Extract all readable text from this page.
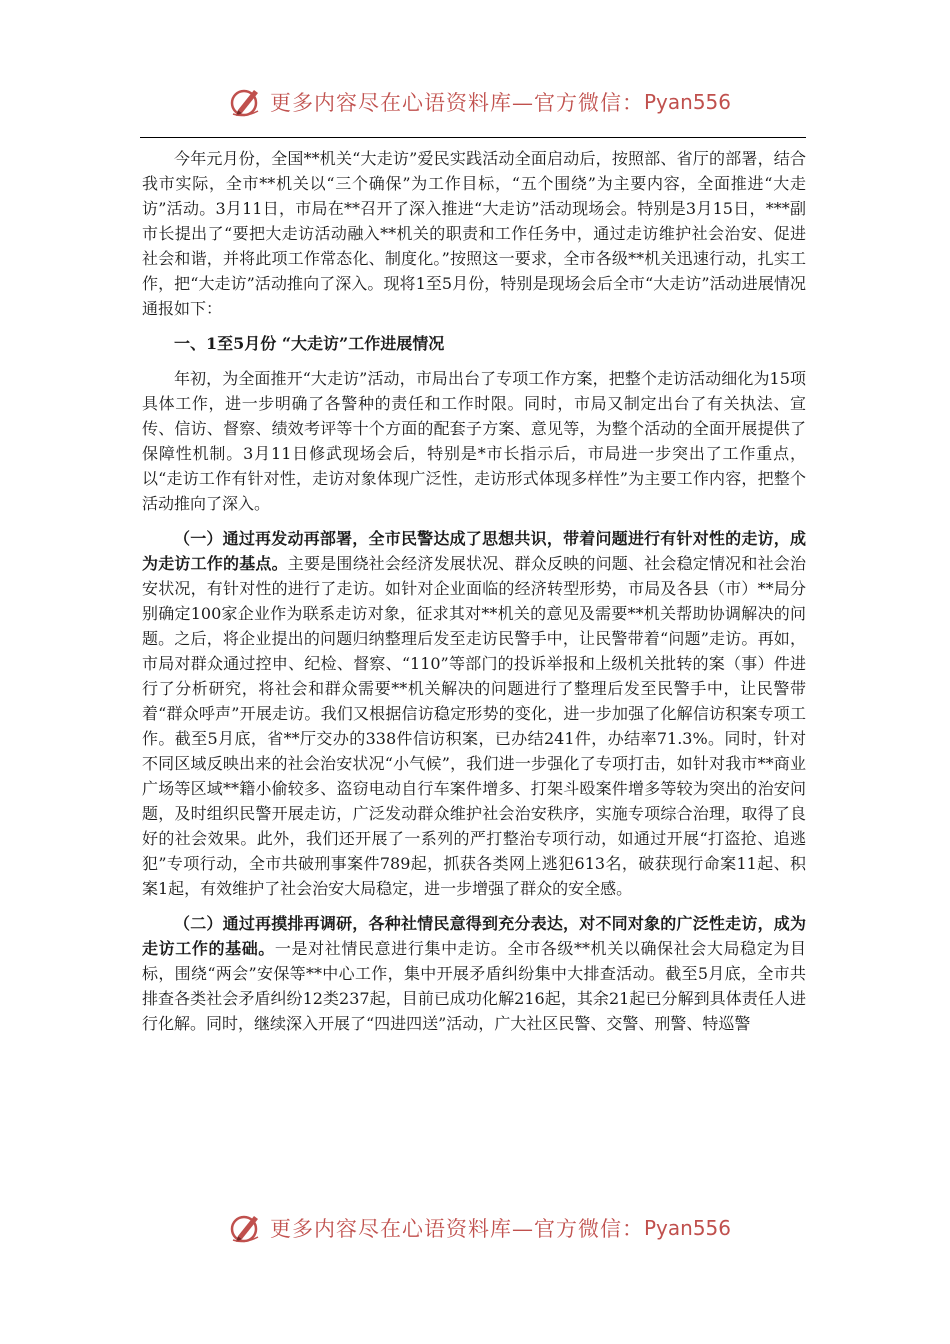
更多内容尽在心语资料库—官方微信： Pyan556

今年元月份，全国**机关“大走访”爱民实践活动全面启动后，按照部、省厅的部署，结合我市实际，全市**机关以“三个确保”为工作目标，“五个围绕”为主要内容，全面推进“大走访”活动。3月11日，市局在**召开了深入推进“大走访”活动现场会。特别是3月15日，***副市长提出了“要把大走访活动融入**机关的职责和工作任务中，通过走访维护社会治安、促进社会和谐，并将此项工作常态化、制度化。”按照这一要求，全市各级**机关迅速行动，扎实工作，把“大走访”活动推向了深入。现将1至5月份，特别是现场会后全市“大走访”活动进展情况通报如下：

一、1至5月份 “大走访”工作进展情况

年初，为全面推开“大走访”活动，市局出台了专项工作方案，把整个走访活动细化为15项具体工作，进一步明确了各警种的责任和工作时限。同时，市局又制定出台了有关执法、宣传、信访、督察、绩效考评等十个方面的配套子方案、意见等，为整个活动的全面开展提供了保障性机制。3月11日修武现场会后，特别是*市长指示后，市局进一步突出了工作重点，以“走访工作有针对性，走访对象体现广泛性，走访形式体现多样性”为主要工作内容，把整个活动推向了深入。

（一）通过再发动再部署，全市民警达成了思想共识，带着问题进行有针对性的走访，成为走访工作的基点。主要是围绕社会经济发展状况、群众反映的问题、社会稳定情况和社会治安状况，有针对性的进行了走访。如针对企业面临的经济转型形势，市局及各县（市）**局分别确定100家企业作为联系走访对象，征求其对**机关的意见及需要**机关帮助协调解决的问题。之后，将企业提出的问题归纳整理后发至走访民警手中，让民警带着“问题”走访。再如，市局对群众通过控申、纪检、督察、“110”等部门的投诉举报和上级机关批转的案（事）件进行了分析研究，将社会和群众需要**机关解决的问题进行了整理后发至民警手中，让民警带着“群众呼声”开展走访。我们又根据信访稳定形势的变化，进一步加强了化解信访积案专项工作。截至5月底，省**厅交办的338件信访积案，已办结241件，办结率71.3%。同时，针对不同区域反映出来的社会治安状况“小气候”，我们进一步强化了专项打击，如针对我市**商业广场等区域**籍小偷较多、盗窃电动自行车案件增多、打架斗殴案件增多等较为突出的治安问题，及时组织民警开展走访，广泛发动群众维护社会治安秩序，实施专项综合治理，取得了良好的社会效果。此外，我们还开展了一系列的严打整治专项行动，如通过开展“打盗抢、追逃犯”专项行动，全市共破刑事案件789起，抓获各类网上逃犯613名，破获现行命案11起、积案1起，有效维护了社会治安大局稳定，进一步增强了群众的安全感。

（二）通过再摸排再调研，各种社情民意得到充分表达，对不同对象的广泛性走访，成为走访工作的基础。一是对社情民意进行集中走访。全市各级**机关以确保社会大局稳定为目标，围绕“两会”安保等**中心工作，集中开展矛盾纠纷集中大排查活动。截至5月底，全市共排查各类社会矛盾纠纷12类237起，目前已成功化解216起，其余21起已分解到具体责任人进行化解。同时，继续深入开展了“四进四送”活动，广大社区民警、交警、刑警、特巡警

更多内容尽在心语资料库—官方微信： Pyan556
